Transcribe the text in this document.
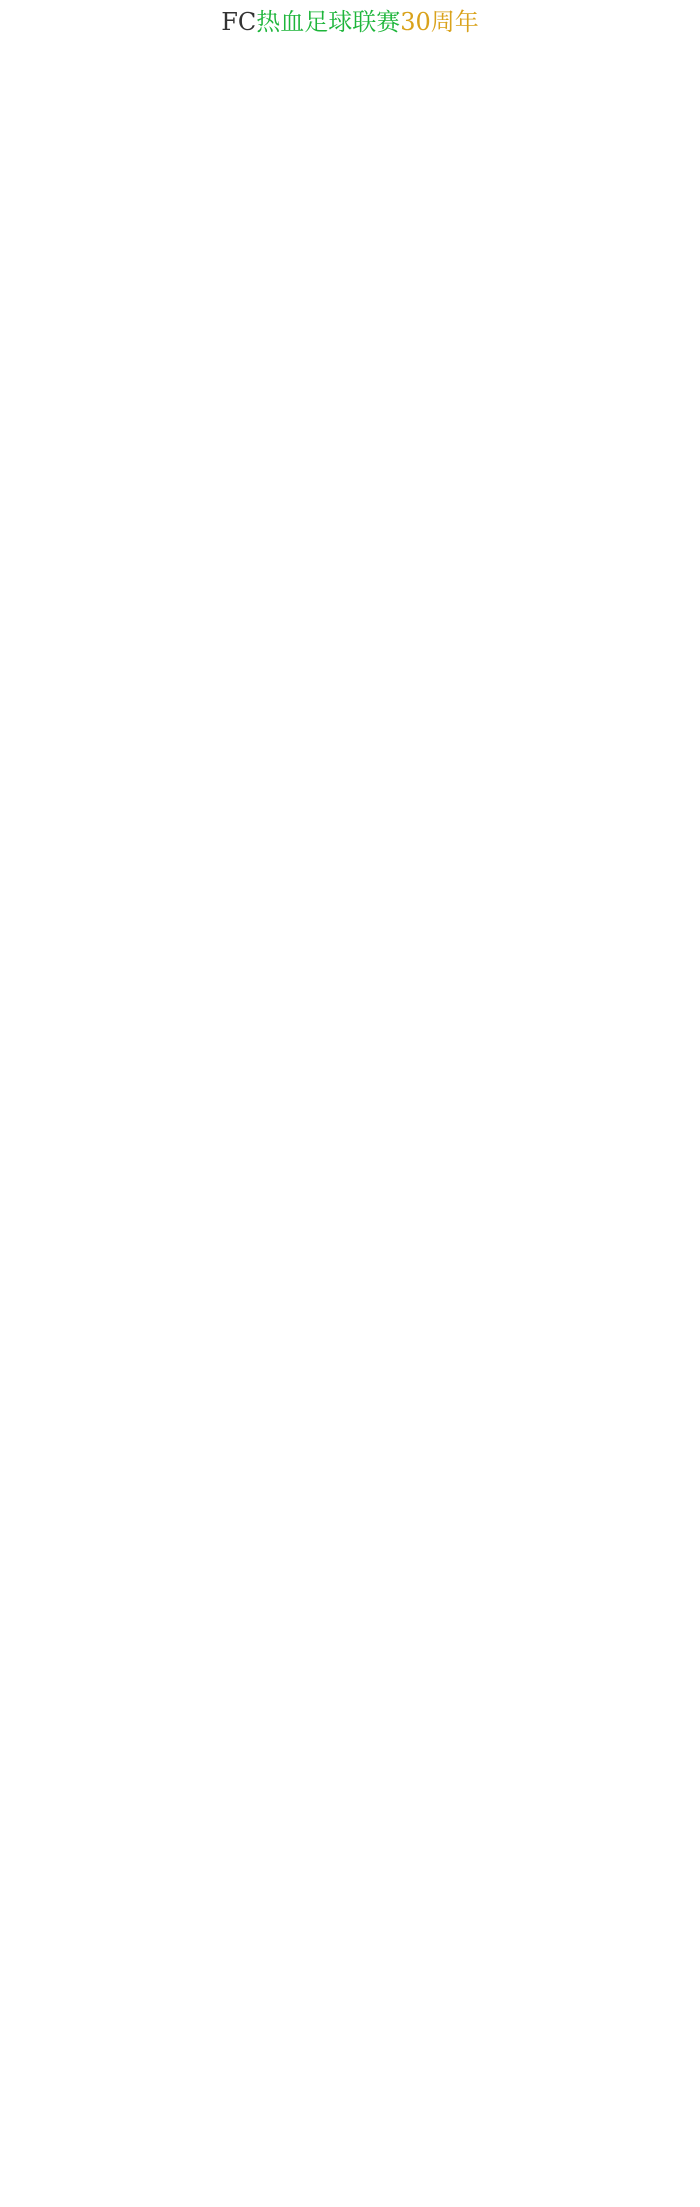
FC热血足球联赛30周年
